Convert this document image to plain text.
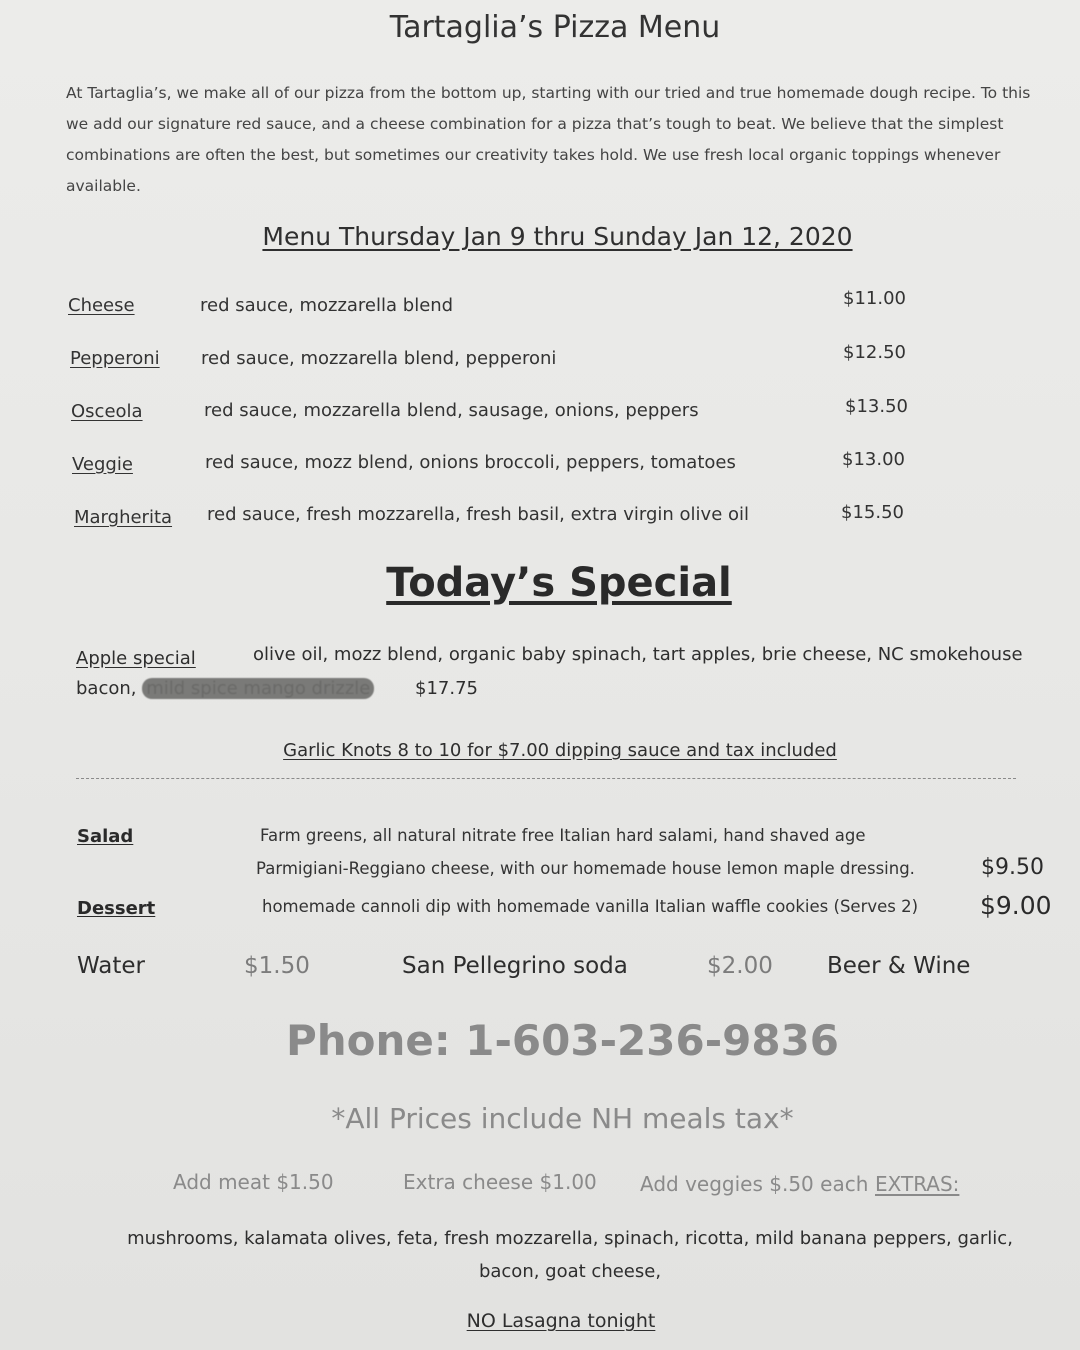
Tartaglia’s Pizza Menu
At Tartaglia’s, we make all of our pizza from the bottom up, starting with our tried and true homemade dough recipe. To this we add our signature red sauce, and a cheese combination for a pizza that’s tough to beat. We believe that the simplest combinations are often the best, but sometimes our creativity takes hold. We use fresh local organic toppings whenever available.
Menu Thursday Jan 9 thru Sunday Jan 12, 2020
Cheese	red sauce, mozzarella blend	$11.00
Pepperoni red sauce, mozzarella blend, pepperoni	$12.50
Osceola	red sauce, mozzarella blend, sausage, onions, peppers	$13.50
Veggie	red sauce, mozz blend, onions broccoli, peppers, tomatoes	$13.00
Margherita red sauce, fresh mozzarella, fresh basil, extra virgin olive oil	$15.50
Today’s Special
Apple special	olive oil, mozz blend, organic baby spinach, tart apples, brie cheese, NC smokehouse
bacon, mild spice mango drizzle $17.75
Garlic Knots 8 to 10 for $7.00 dipping sauce and tax included
Salad	Farm greens, all natural nitrate free Italian hard salami, hand shaved age
Parmigiani-Reggiano cheese, with our homemade house lemon maple dressing.	$9.50
Dessert	homemade cannoli dip with homemade vanilla Italian waffle cookies (Serves 2) $9.00
Water	$1.50	San Pellegrino soda	$2.00 Beer & Wine
Phone: 1-603-236-9836
*All Prices include NH meals tax*
Add meat $1.50	Extra cheese $1.00 Add veggies $.50 each EXTRAS:
mushrooms, kalamata olives, feta, fresh mozzarella, spinach, ricotta, mild banana peppers, garlic, bacon, goat cheese,
NO Lasagna tonight
